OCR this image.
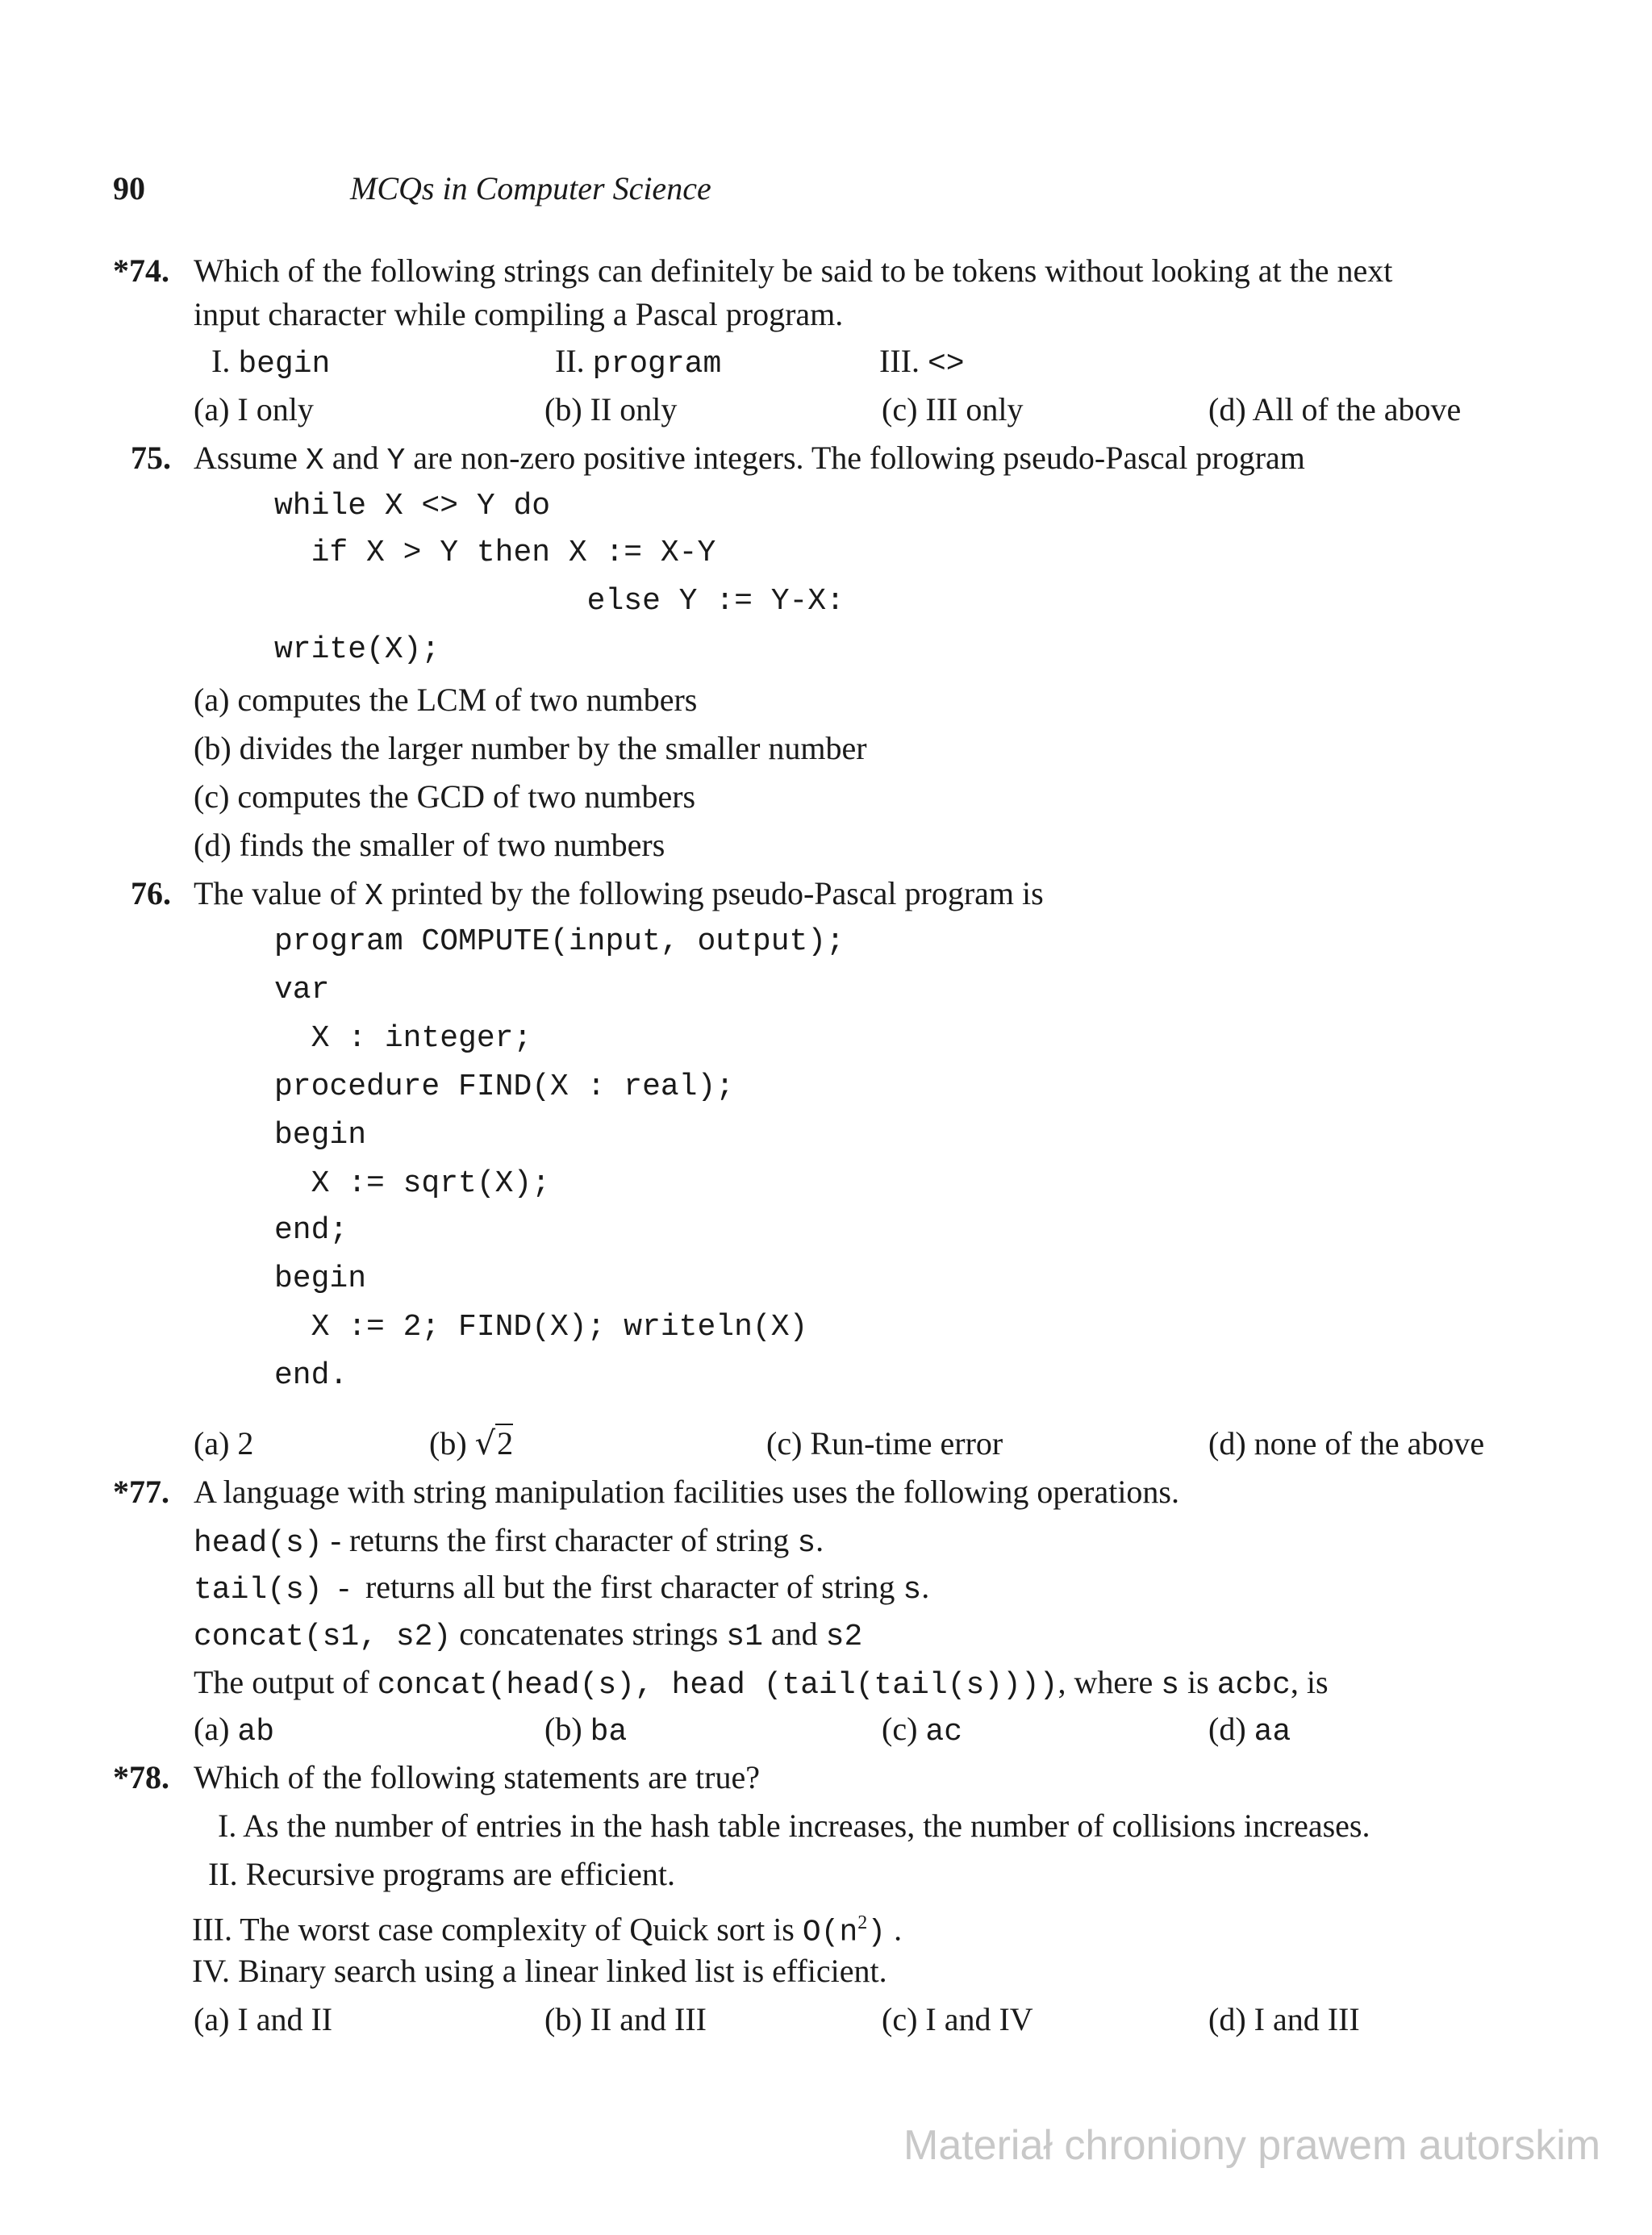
90	MCQs in Computer Science
*74. Which of the following strings can definitely be said to be tokens without looking at the next
input character while compiling a Pascal program.
I. begin	II. program	III. <>
(a) I only	(b) II only	(c) III only	(d) All of the above
75. Assume X and Y are non-zero positive integers. The following pseudo-Pascal program
while X <> Y do
if X > Y then X := X-Y
else Y := Y-X:
write(X);
(a) computes the LCM of two numbers
(b) divides the larger number by the smaller number
(c) computes the GCD of two numbers
(d) finds the smaller of two numbers
76. The value of X printed by the following pseudo-Pascal program is
program COMPUTE(input, output);
var
X : integer;
procedure FIND(X : real);
begin
X := sqrt(X);
end;
begin
X := 2; FIND(X); writeln(X)
end.
(a) 2	(b) √2	(c) Run-time error	(d) none of the above
*77. A language with string manipulation facilities uses the following operations.
head(s) - returns the first character of string s.
tail(s)  -  returns all but the first character of string s.
concat(s1, s2) concatenates strings s1 and s2
The output of concat(head(s), head (tail(tail(s)))), where s is acbc, is
(a) ab	(b) ba	(c) ac	(d) aa
*78. Which of the following statements are true?
I. As the number of entries in the hash table increases, the number of collisions increases.
II. Recursive programs are efficient.
III. The worst case complexity of Quick sort is $O(n^2)$ .
IV. Binary search using a linear linked list is efficient.
(a) I and II	(b) II and III	(c) I and IV	(d) I and III
Materiał chroniony prawem autorskim
